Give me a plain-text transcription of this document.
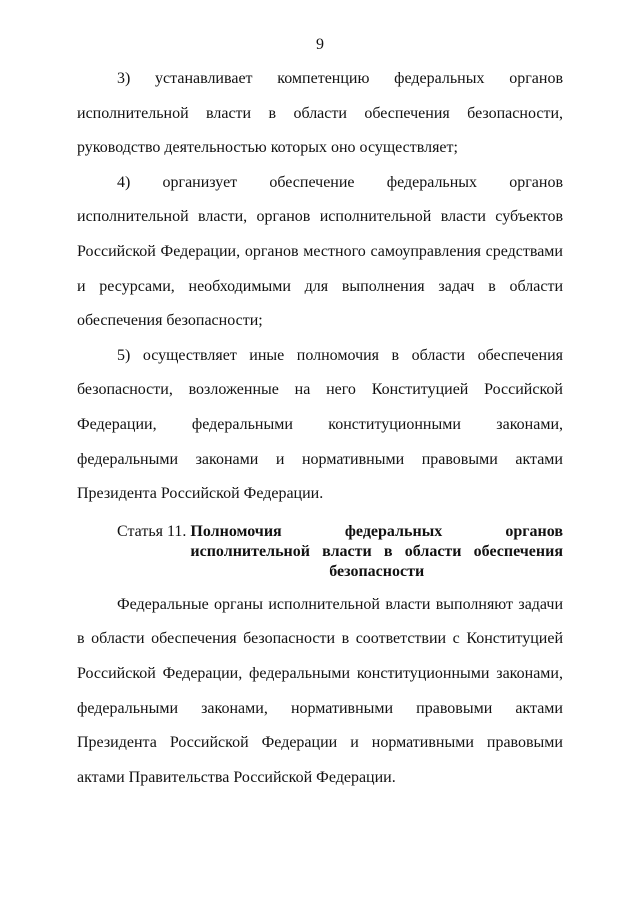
9

3) устанавливает компетенцию федеральных органов исполнительной власти в области обеспечения безопасности, руководство деятельностью которых оно осуществляет;

4) организует обеспечение федеральных органов исполнительной власти, органов исполнительной власти субъектов Российской Федерации, органов местного самоуправления средствами и ресурсами, необходимыми для выполнения задач в области обеспечения безопасности;

5) осуществляет иные полномочия в области обеспечения безопасности, возложенные на него Конституцией Российской Федерации, федеральными конституционными законами, федеральными законами и нормативными правовыми актами Президента Российской Федерации.

Статья 11. Полномочия федеральных органов исполнительной власти в области обеспечения безопасности

Федеральные органы исполнительной власти выполняют задачи в области обеспечения безопасности в соответствии с Конституцией Российской Федерации, федеральными конституционными законами, федеральными законами, нормативными правовыми актами Президента Российской Федерации и нормативными правовыми актами Правительства Российской Федерации.
